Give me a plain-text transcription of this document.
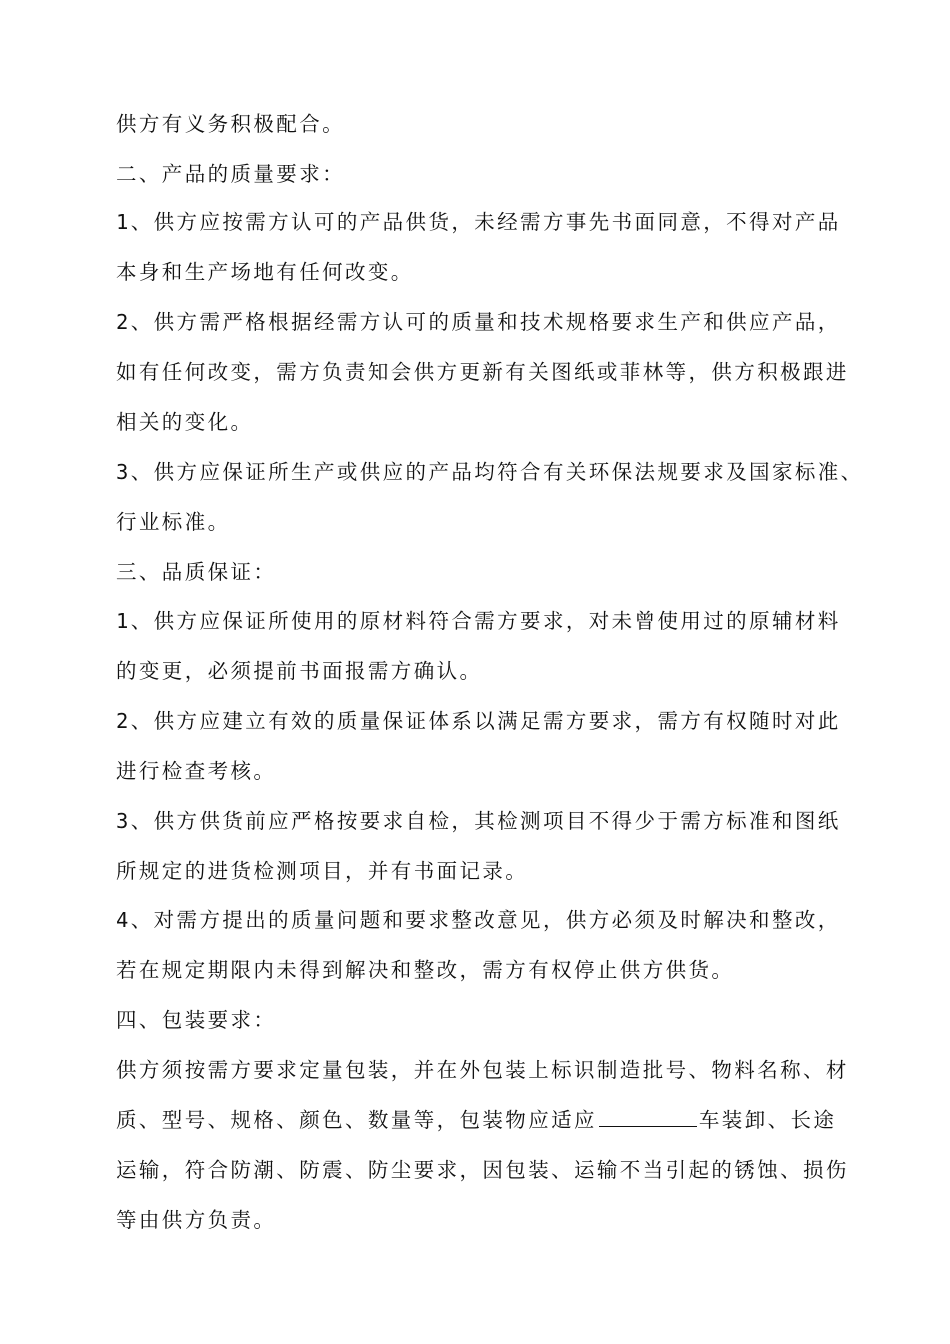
供方有义务积极配合。
二、产品的质量要求：
1、供方应按需方认可的产品供货，未经需方事先书面同意，不得对产品
本身和生产场地有任何改变。
2、供方需严格根据经需方认可的质量和技术规格要求生产和供应产品，
如有任何改变，需方负责知会供方更新有关图纸或菲林等，供方积极跟进
相关的变化。
3、供方应保证所生产或供应的产品均符合有关环保法规要求及国家标准、
行业标准。
三、品质保证：
1、供方应保证所使用的原材料符合需方要求，对未曾使用过的原辅材料
的变更，必须提前书面报需方确认。
2、供方应建立有效的质量保证体系以满足需方要求，需方有权随时对此
进行检查考核。
3、供方供货前应严格按要求自检，其检测项目不得少于需方标准和图纸
所规定的进货检测项目，并有书面记录。
4、对需方提出的质量问题和要求整改意见，供方必须及时解决和整改，
若在规定期限内未得到解决和整改，需方有权停止供方供货。
四、包装要求：
供方须按需方要求定量包装，并在外包装上标识制造批号、物料名称、材
质、型号、规格、颜色、数量等，包装物应适应	车装卸、长途
运输，符合防潮、防震、防尘要求，因包装、运输不当引起的锈蚀、损伤
等由供方负责。
